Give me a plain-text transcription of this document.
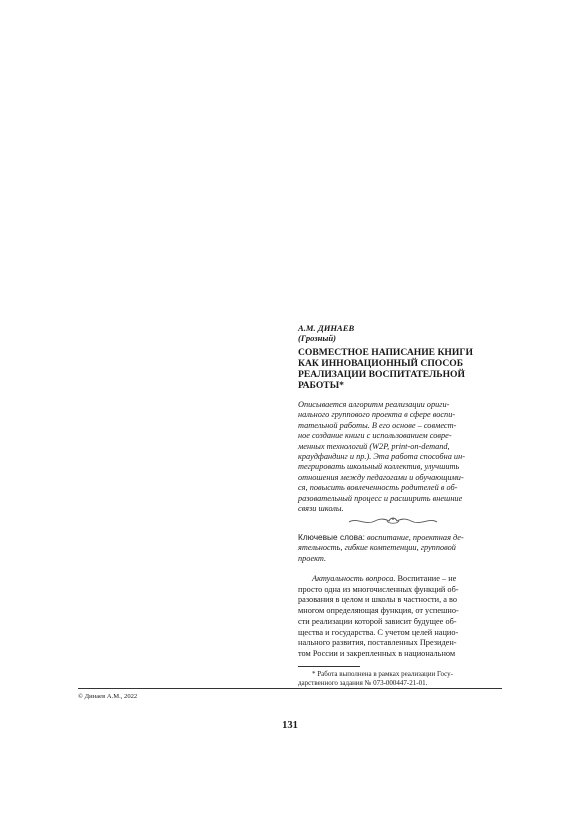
А.М. ДИНАЕВ
(Грозный)
СОВМЕСТНОЕ НАПИСАНИЕ КНИГИ
КАК ИННОВАЦИОННЫЙ СПОСОБ
РЕАЛИЗАЦИИ ВОСПИТАТЕЛЬНОЙ
РАБОТЫ*
Описывается алгоритм реализации ориги-
нального группового проекта в сфере воспи-
тательной работы. В его основе – совмест-
ное создание книги с использованием совре-
менных технологий (W2P, print-on-demand,
краудфандинг и пр.). Эта работа способна ин-
тегрировать школьный коллектив, улучшить
отношения между педагогами и обучающими-
ся, повысить вовлеченность родителей в об-
разовательный процесс и расширить внешние
связи школы.
Ключевые слова: воспитание, проектная де-
ятельность, гибкие компетенции, групповой
проект.
Актуальность вопроса. Воспитание – не
просто одна из многочисленных функций об-
разования в целом и школы в частности, а во
многом определяющая функция, от успешно-
сти реализации которой зависит будущее об-
щества и государства. С учетом целей нацио-
нального развития, поставленных Президен-
том России и закрепленных в национальном
* Работа выполнена в рамках реализации Госу-
дарственного задания № 073-000447-21-01.
© Динаев А.М., 2022
131
